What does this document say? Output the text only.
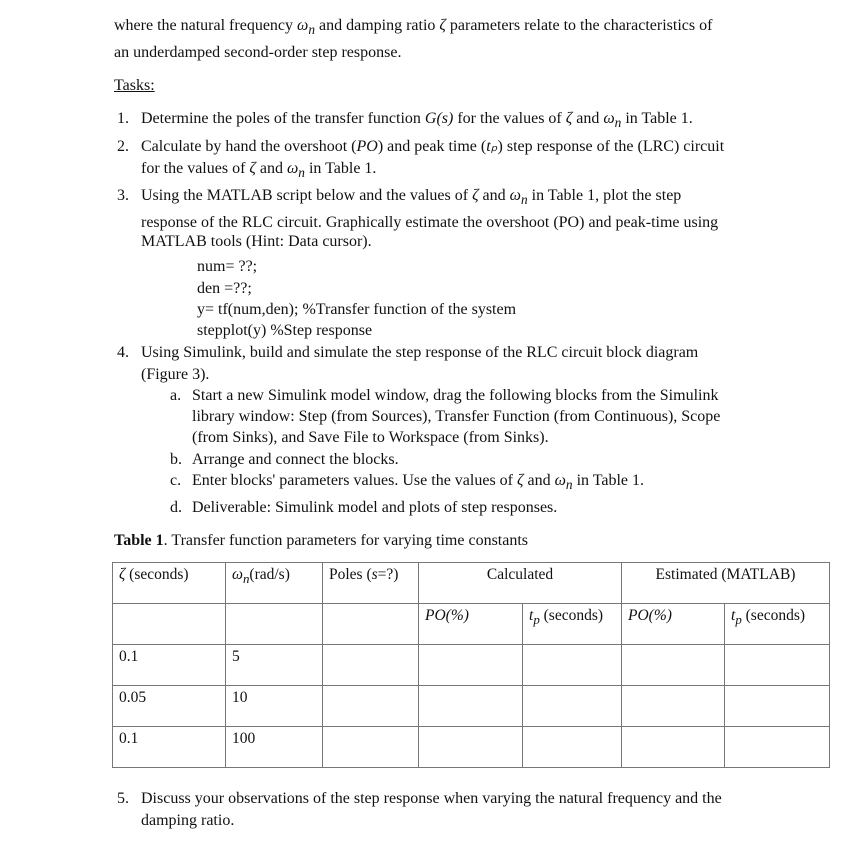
where the natural frequency $\omega_n$ and damping ratio ζ parameters relate to the characteristics of
an underdamped second-order step response.
Tasks:
1. Determine the poles of the transfer function G(s) for the values of ζ and $\omega_n$ in Table 1.
2. Calculate by hand the overshoot (PO) and peak time (tₚ) step response of the (LRC) circuit
for the values of ζ and $\omega_n$ in Table 1.
3. Using the MATLAB script below and the values of ζ and $\omega_n$ in Table 1, plot the step
response of the RLC circuit. Graphically estimate the overshoot (PO) and peak-time using
MATLAB tools (Hint: Data cursor).
num= ??;
den =??;
y= tf(num,den); %Transfer function of the system
stepplot(y) %Step response
4. Using Simulink, build and simulate the step response of the RLC circuit block diagram
(Figure 3).
a. Start a new Simulink model window, drag the following blocks from the Simulink
library window: Step (from Sources), Transfer Function (from Continuous), Scope
(from Sinks), and Save File to Workspace (from Sinks).
b. Arrange and connect the blocks.
c. Enter blocks' parameters values. Use the values of ζ and $\omega_n$ in Table 1.
d. Deliverable: Simulink model and plots of step responses.
Table 1. Transfer function parameters for varying time constants
ζ (seconds)	$\omega_n(rad/s)$	Poles (s=?)	Calculated		Estimated (MATLAB)	
			PO(%)	$t_p$ (seconds)	PO(%)	$t_p$ (seconds)
0.1	5					
0.05	10					
0.1	100					
5. Discuss your observations of the step response when varying the natural frequency and the
damping ratio.
